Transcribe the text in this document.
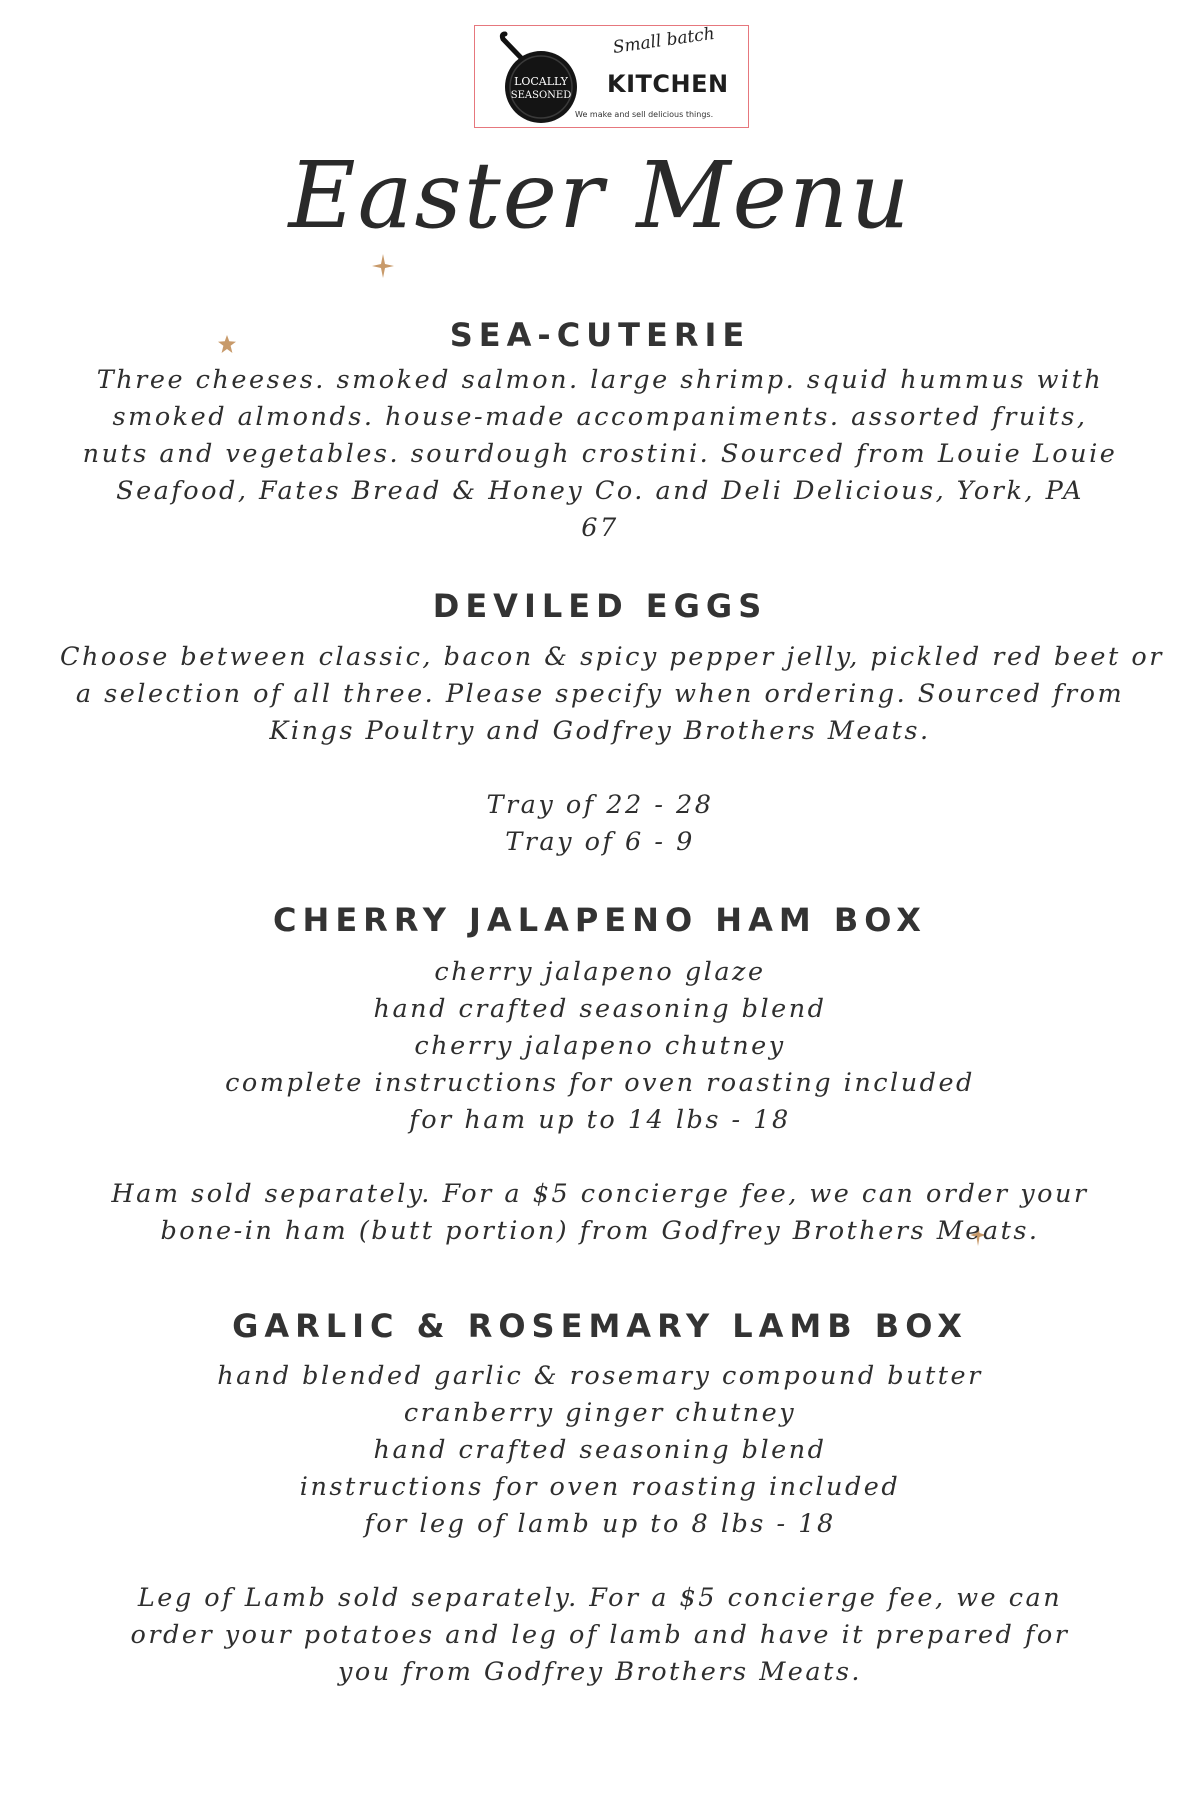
LOCALLY
SEASONED
Small batch
KITCHEN
We make and sell delicious things.
Easter Menu
SEA-CUTERIE
Three cheeses. smoked salmon. large shrimp. squid hummus with
smoked almonds. house-made accompaniments. assorted fruits,
nuts and vegetables. sourdough crostini. Sourced from Louie Louie
Seafood, Fates Bread & Honey Co. and Deli Delicious, York, PA
67
DEVILED EGGS
Choose between classic, bacon & spicy pepper jelly, pickled red beet or
a selection of all three. Please specify when ordering. Sourced from
Kings Poultry and Godfrey Brothers Meats.

Tray of 22 - 28
Tray of 6 - 9
CHERRY JALAPENO HAM BOX
cherry jalapeno glaze
hand crafted seasoning blend
cherry jalapeno chutney
complete instructions for oven roasting included
for ham up to 14 lbs - 18

Ham sold separately. For a $5 concierge fee, we can order your
bone-in ham (butt portion) from Godfrey Brothers Meats.
GARLIC & ROSEMARY LAMB BOX
hand blended garlic & rosemary compound butter
cranberry ginger chutney
hand crafted seasoning blend
instructions for oven roasting included
for leg of lamb up to 8 lbs - 18

Leg of Lamb sold separately. For a $5 concierge fee, we can
order your potatoes and leg of lamb and have it prepared for
you from Godfrey Brothers Meats.
